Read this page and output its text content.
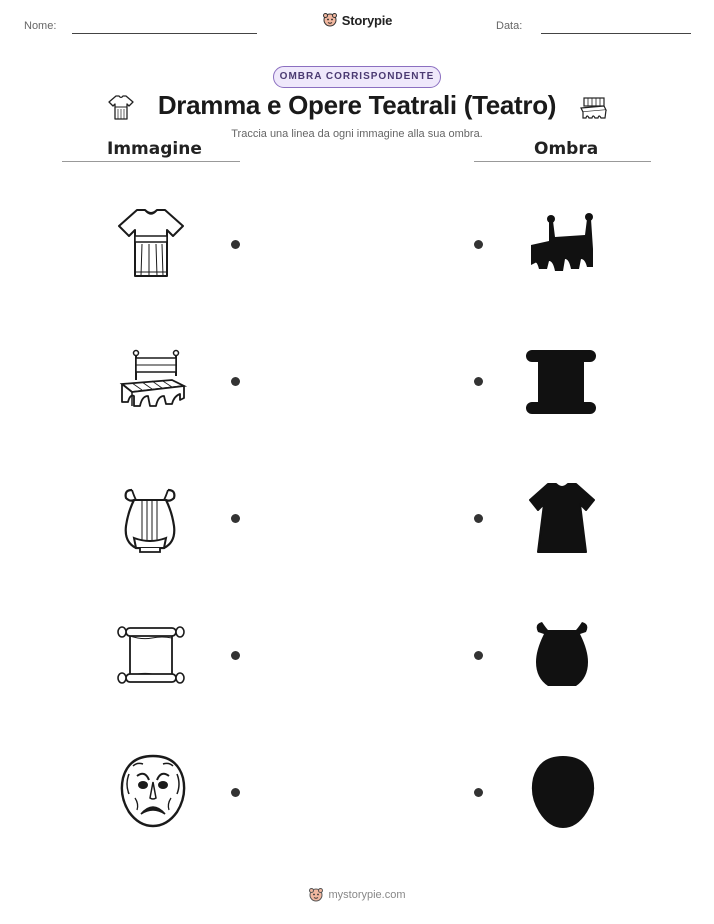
Nome:	Storypie	Data:
OMBRA CORRISPONDENTE
Dramma e Opere Teatrali (Teatro)
Traccia una linea da ogni immagine alla sua ombra.
Immagine	Ombra
mystorypie.com
